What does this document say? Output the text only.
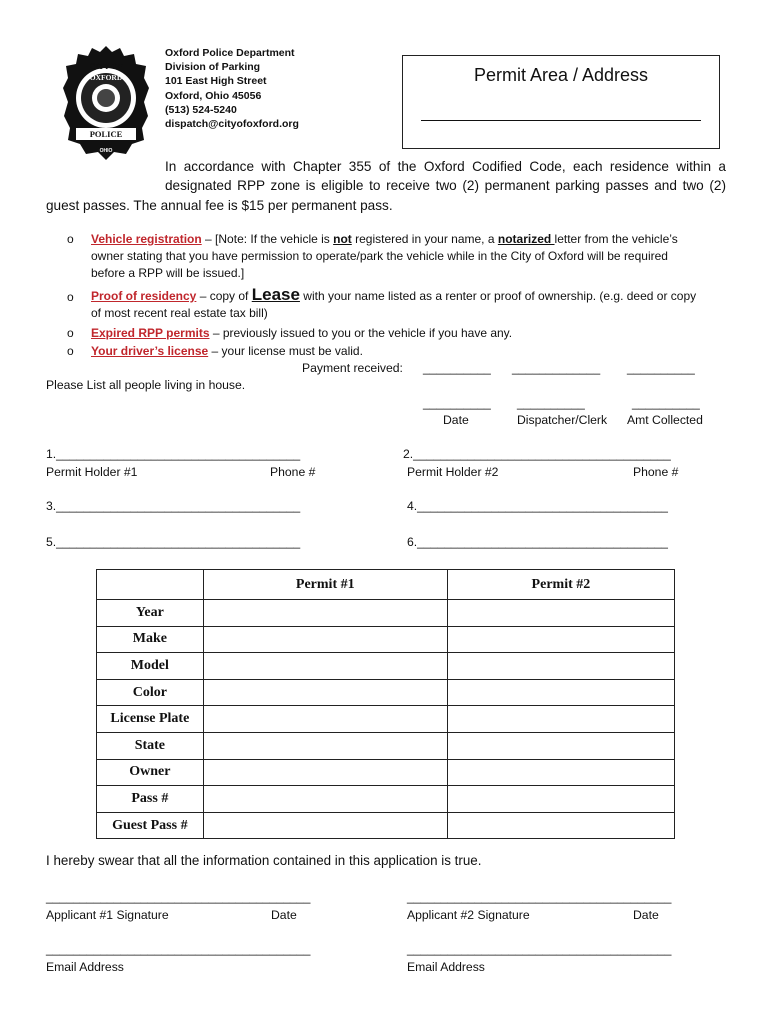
CITY OF
OXFORD
POLICE
OHIO
Oxford Police Department
Division of Parking
101 East High Street
Oxford, Ohio 45056
(513) 524-5240
dispatch@cityofoxford.org
Permit Area / Address
In accordance with Chapter 355 of the Oxford Codified Code, each residence within a
designated RPP zone is eligible to receive two (2) permanent parking passes and two (2)
guest passes. The annual fee is $15 per permanent pass.
o Vehicle registration – [Note: If the vehicle is not registered in your name, a notarized letter from the vehicle’s
owner stating that you have permission to operate/park the vehicle while in the City of Oxford will be required
before a RPP will be issued.]
o Proof of residency – copy of Lease with your name listed as a renter or proof of ownership. (e.g. deed or copy
of most recent real estate tax bill)
o Expired RPP permits – previously issued to you or the vehicle if you have any.
o Your driver’s license – your license must be valid.
Payment received: __________ _____________ __________
Please List all people living in house.
__________ __________	__________
Date	Dispatcher/Clerk Amt Collected
1.____________________________________
Permit Holder #1	Phone #
2.______________________________________
Permit Holder #2	Phone #
3.____________________________________	4._____________________________________
5.____________________________________	6._____________________________________
	Permit #1	Permit #2
Year		
Make		
Model		
Color		
License Plate		
State		
Owner		
Pass #		
Guest Pass #		
I hereby swear that all the information contained in this application is true.
_______________________________________
Applicant #1 Signature	Date
_______________________________________
Applicant #2 Signature	Date
_______________________________________
Email Address
_______________________________________
Email Address
